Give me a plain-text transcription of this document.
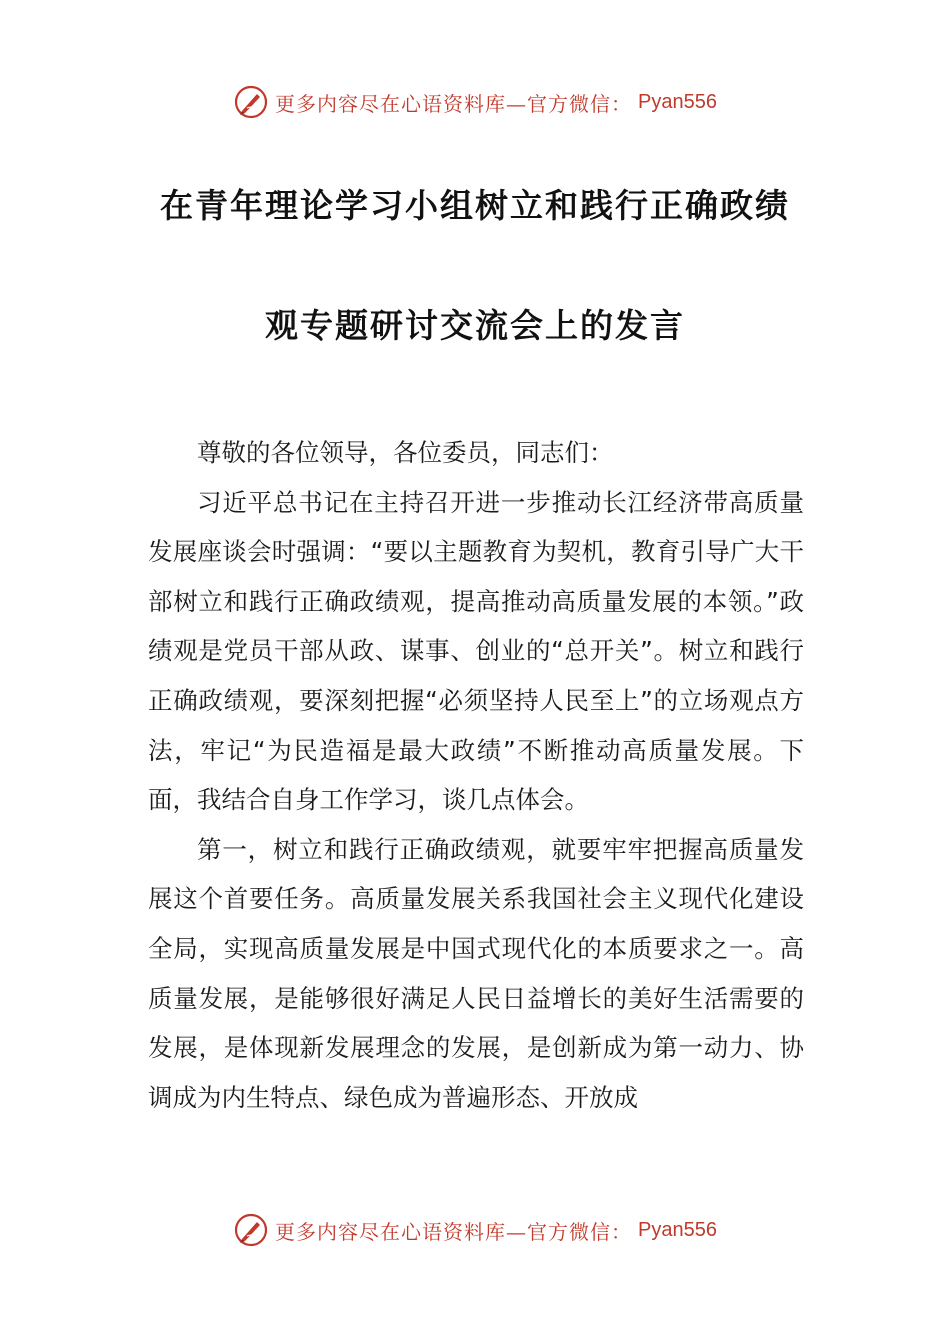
更多内容尽在心语资料库—官方微信： Pyan556
在青年理论学习小组树立和践行正确政绩
观专题研讨交流会上的发言

尊敬的各位领导，各位委员，同志们：

习近平总书记在主持召开进一步推动长江经济带高质量发展座谈会时强调：“要以主题教育为契机，教育引导广大干部树立和践行正确政绩观，提高推动高质量发展的本领。”政绩观是党员干部从政、谋事、创业的“总开关”。树立和践行正确政绩观，要深刻把握“必须坚持人民至上”的立场观点方法，牢记“为民造福是最大政绩”不断推动高质量发展。下面，我结合自身工作学习，谈几点体会。

第一，树立和践行正确政绩观，就要牢牢把握高质量发展这个首要任务。高质量发展关系我国社会主义现代化建设全局，实现高质量发展是中国式现代化的本质要求之一。高质量发展，是能够很好满足人民日益增长的美好生活需要的发展，是体现新发展理念的发展，是创新成为第一动力、协调成为内生特点、绿色成为普遍形态、开放成

更多内容尽在心语资料库—官方微信： Pyan556
